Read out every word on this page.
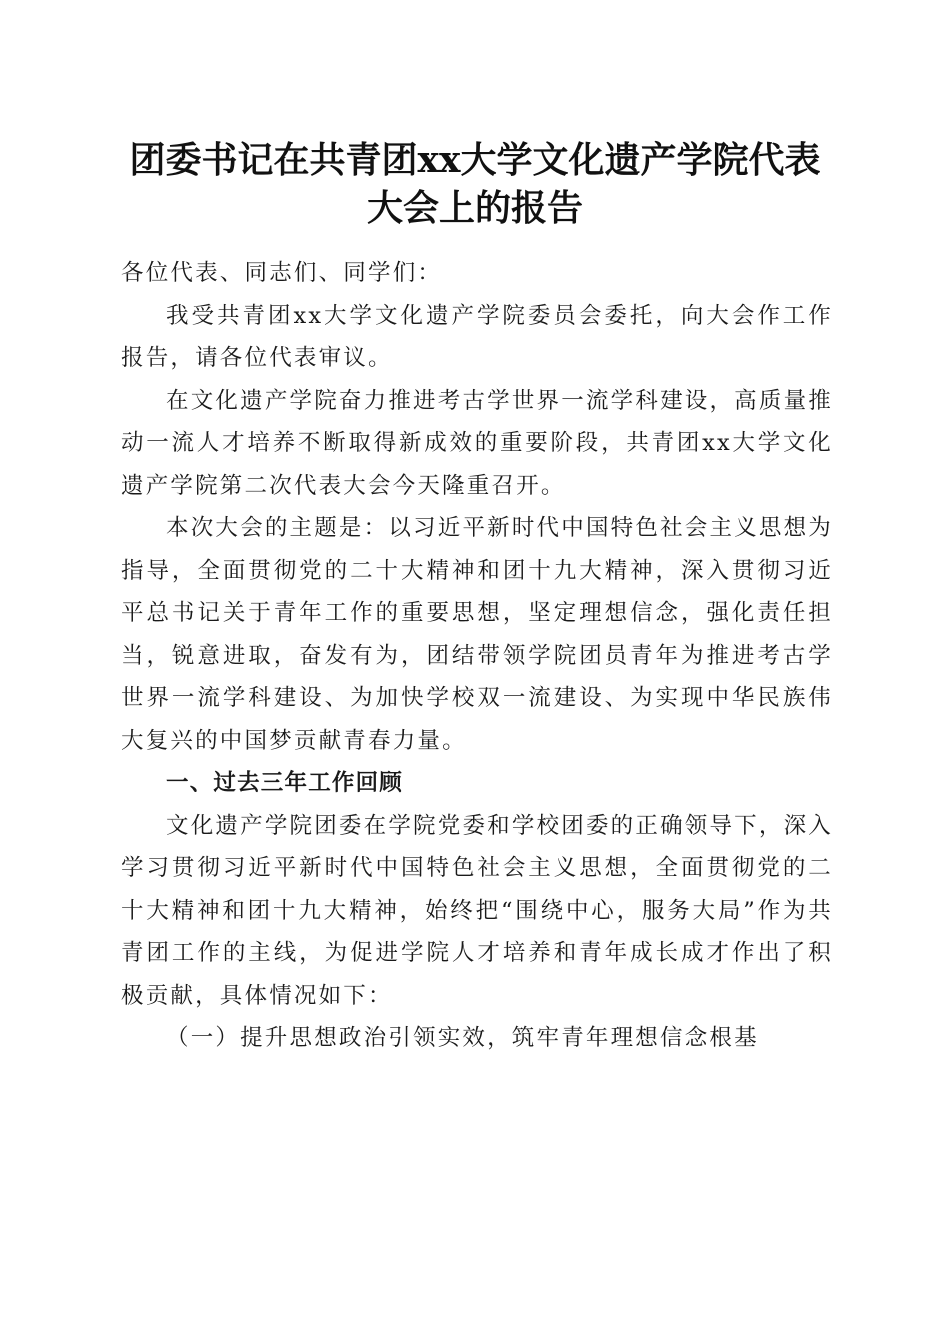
团委书记在共青团xx大学文化遗产学院代表
大会上的报告

各位代表、同志们、同学们：

我受共青团xx大学文化遗产学院委员会委托，向大会作工作报告，请各位代表审议。

在文化遗产学院奋力推进考古学世界一流学科建设，高质量推动一流人才培养不断取得新成效的重要阶段，共青团xx大学文化遗产学院第二次代表大会今天隆重召开。

本次大会的主题是：以习近平新时代中国特色社会主义思想为指导，全面贯彻党的二十大精神和团十九大精神，深入贯彻习近平总书记关于青年工作的重要思想，坚定理想信念，强化责任担当，锐意进取，奋发有为，团结带领学院团员青年为推进考古学世界一流学科建设、为加快学校双一流建设、为实现中华民族伟大复兴的中国梦贡献青春力量。

一、过去三年工作回顾

文化遗产学院团委在学院党委和学校团委的正确领导下，深入学习贯彻习近平新时代中国特色社会主义思想，全面贯彻党的二十大精神和团十九大精神，始终把“围绕中心，服务大局”作为共青团工作的主线，为促进学院人才培养和青年成长成才作出了积极贡献，具体情况如下：

（一）提升思想政治引领实效，筑牢青年理想信念根基
